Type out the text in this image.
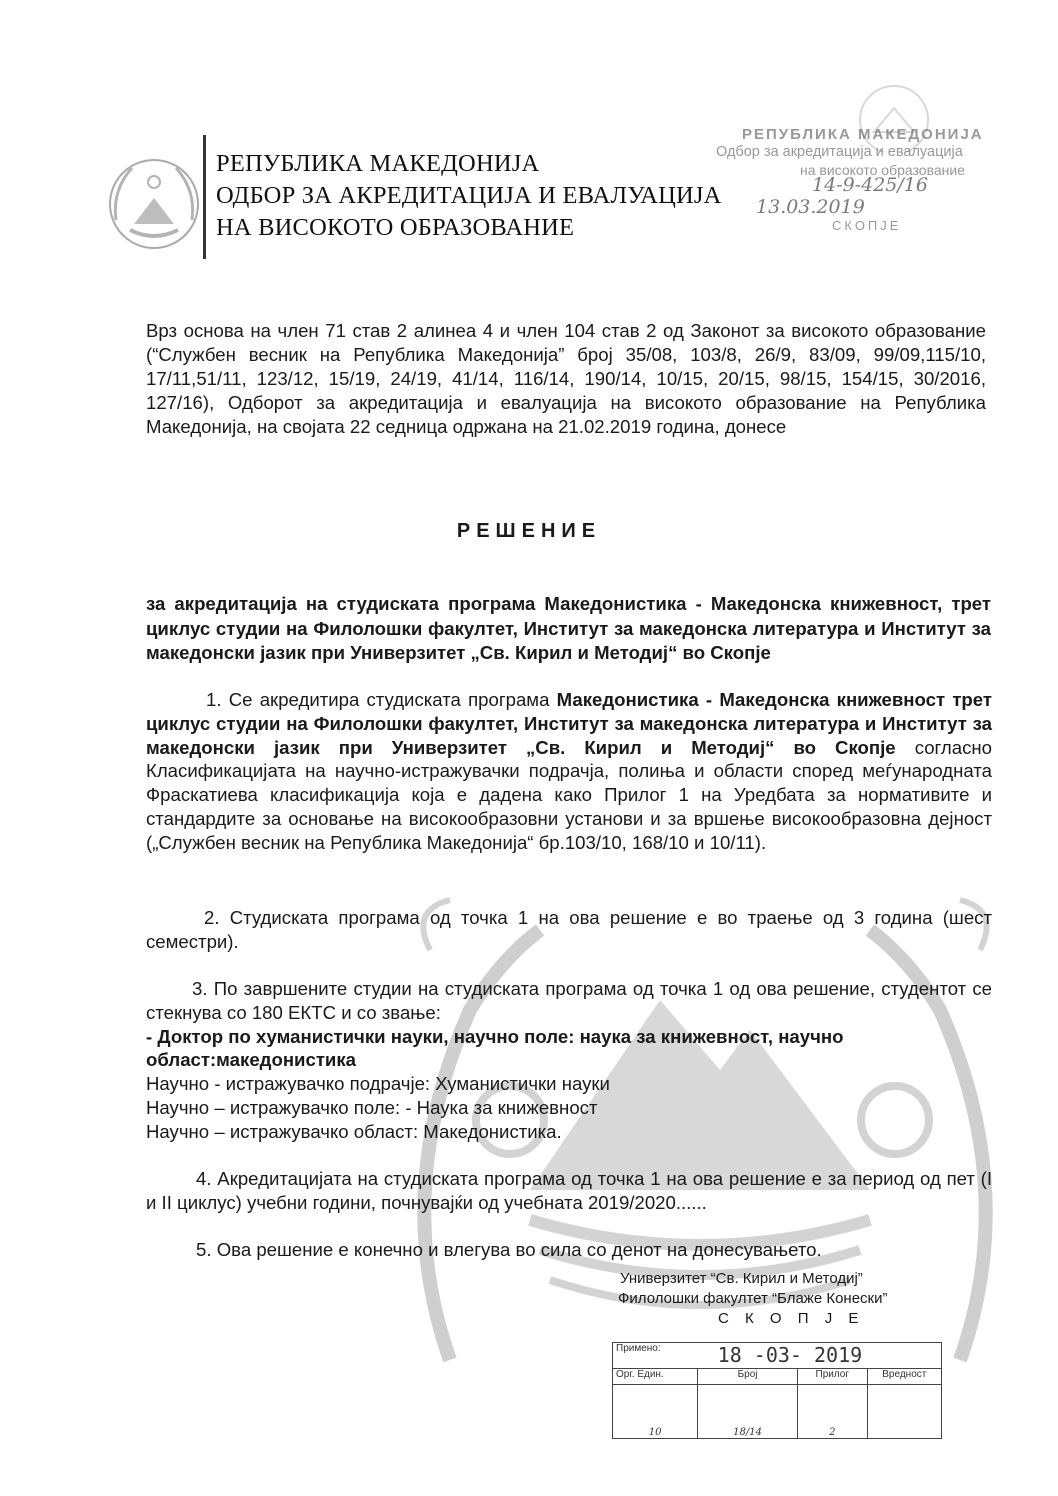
РЕПУБЛИКА МАКЕДОНИЈА
ОДБОР ЗА АКРЕДИТАЦИЈА И ЕВАЛУАЦИЈА
НА ВИСОКОТО ОБРАЗОВАНИЕ
РЕПУБЛИКА МАКЕДОНИЈА
Одбор за акредитација и евалуација
на високото образование
14-9-425/16
13.03.2019
СКОПЈЕ
Врз основа на член 71 став 2 алинеа 4 и член 104 став 2 од Законот за високото образование (“Службен весник на Република Македонија” број 35/08, 103/8, 26/9, 83/09, 99/09,115/10, 17/11,51/11, 123/12, 15/19, 24/19, 41/14, 116/14, 190/14, 10/15, 20/15, 98/15, 154/15, 30/2016, 127/16), Одборот за акредитација и евалуација на високото образование на Република Македонија, на својата 22 седница одржана на 21.02.2019 година, донесе
РЕШЕНИЕ
за акредитација на студиската програма Македонистика - Македонска книжевност, трет циклус студии на Филолошки факултет, Институт за македонска литература и Институт за македонски јазик при Универзитет „Св. Кирил и Методиј“ во Скопје
1. Се акредитира студиската програма Македонистика - Македонска книжевност трет циклус студии на Филолошки факултет, Институт за македонска литература и Институт за македонски јазик при Универзитет „Св. Кирил и Методиј“ во Скопје согласно Класификацијата на научно-истражувачки подрачја, полиња и области според меѓународната Фраскатиева класификација која е дадена како Прилог 1 на Уредбата за нормативите и стандардите за основање на високообразовни установи и за вршење високообразовна дејност („Службен весник на Република Македонија“ бр.103/10, 168/10 и 10/11).
2. Студиската програма од точка 1 на ова решение е во траење од 3 година (шест семестри).
3. По завршените студии на студиската програма од точка 1 од ова решение, студентот се стекнува со 180 ЕКТС и со звање:
- Доктор по хуманистички науки, научно поле: наука за книжевност, научно област:македонистика
Научно - истражувачко подрачје: Хуманистички науки
Научно – истражувачко поле: - Наука за книжевност
Научно – истражувачко област: Македонистика.
4. Акредитацијата на студиската програма од точка 1 на ова решение е за период од пет (I и II циклус) учебни години, почнувајќи од учебната 2019/2020......
5. Ова решение е конечно и влегува во сила со денот на донесувањето.
Универзитет “Св. Кирил и Методиј”
Филолошки факултет “Блаже Конески”
С К О П Ј Е
Примено:	18 -03- 2019		
Орг. Един.	Број	Прилог	Вредност
10	18/14	2	
